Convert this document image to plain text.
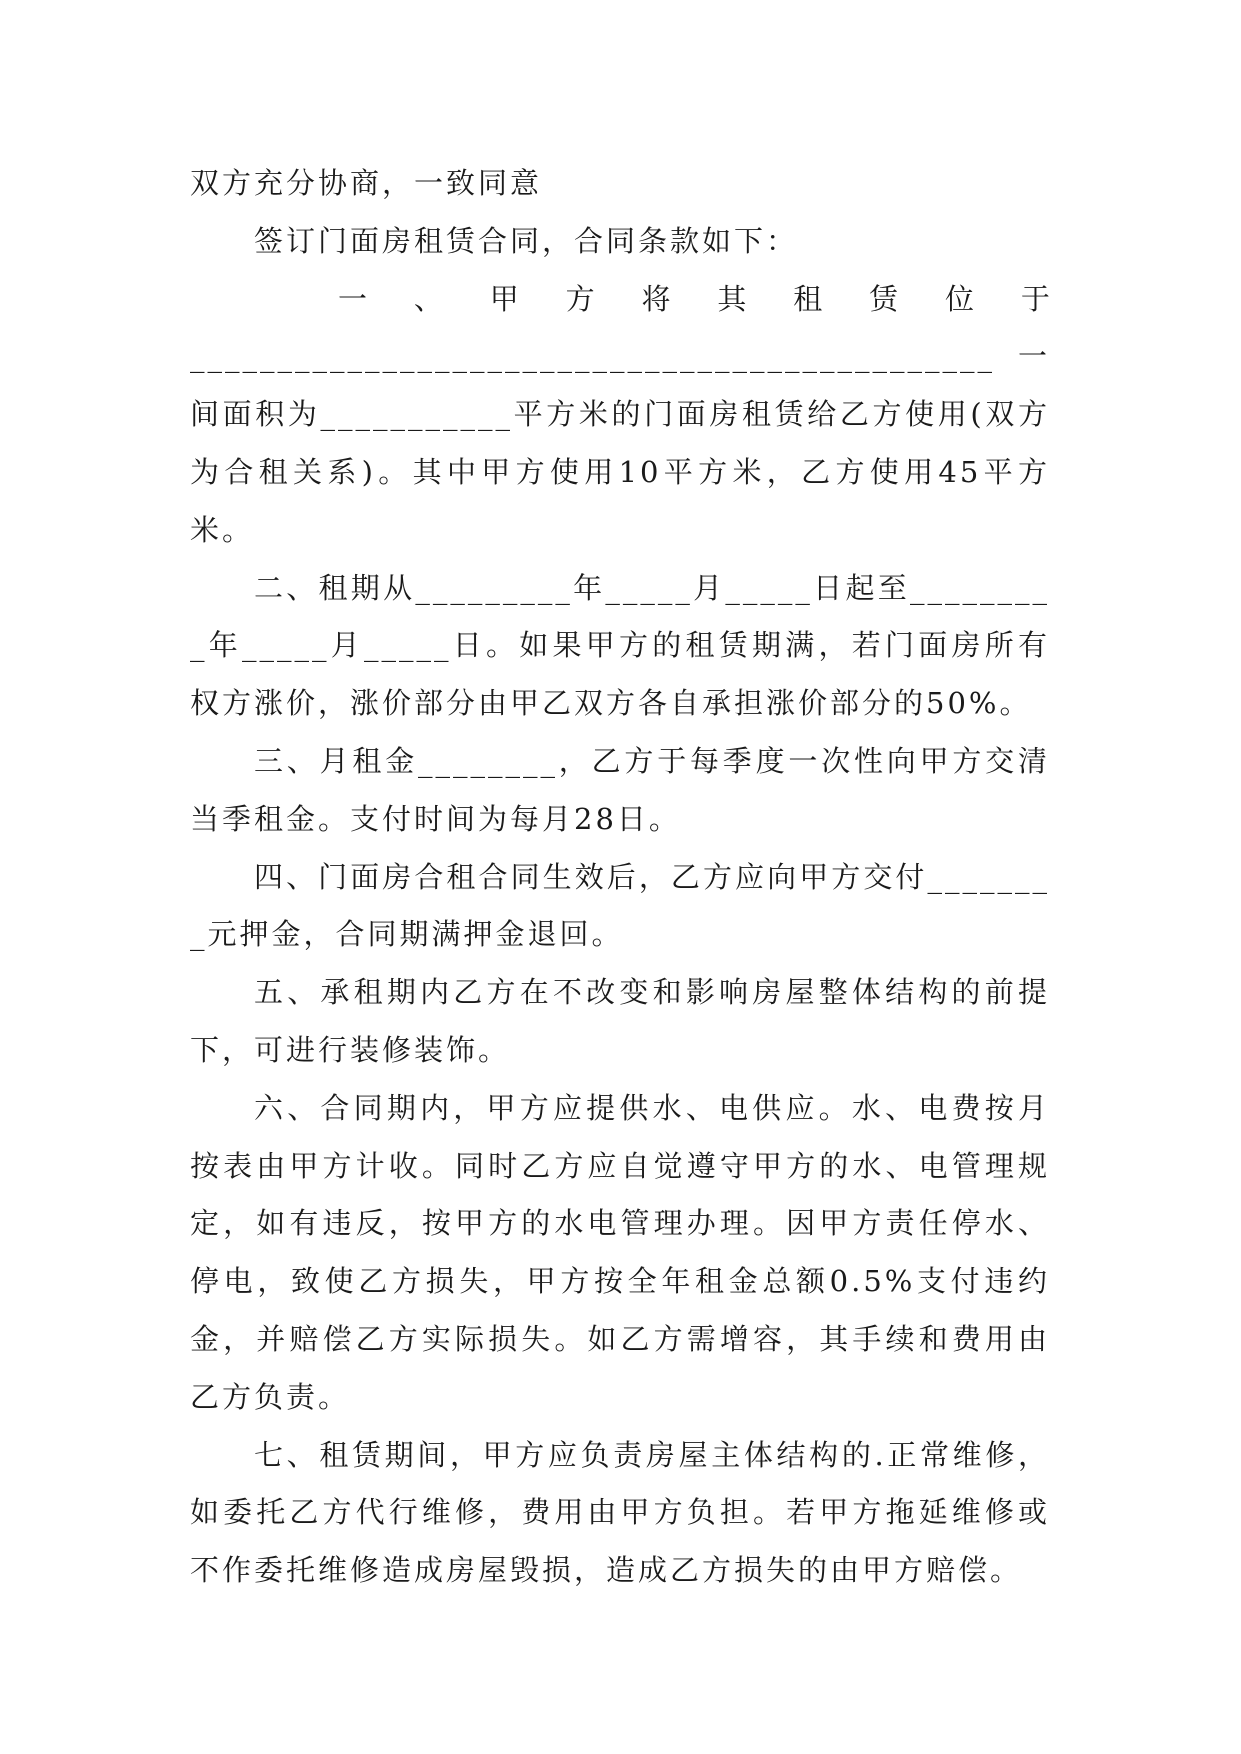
双方充分协商，一致同意

签订门面房租赁合同，合同条款如下：

一 、 甲 方 将 其 租 赁 位 于

______________________________________________一间面积为___________平方米的门面房租赁给乙方使用(双方为合租关系)。其中甲方使用10平方米，乙方使用45平方米。

二、租期从_________年_____月_____日起至_________年_____月_____日。如果甲方的租赁期满，若门面房所有权方涨价，涨价部分由甲乙双方各自承担涨价部分的50%。

三、月租金________，乙方于每季度一次性向甲方交清当季租金。支付时间为每月28日。

四、门面房合租合同生效后，乙方应向甲方交付________元押金，合同期满押金退回。

五、承租期内乙方在不改变和影响房屋整体结构的前提下，可进行装修装饰。

六、合同期内，甲方应提供水、电供应。水、电费按月按表由甲方计收。同时乙方应自觉遵守甲方的水、电管理规定，如有违反，按甲方的水电管理办理。因甲方责任停水、停电，致使乙方损失，甲方按全年租金总额0.5%支付违约金，并赔偿乙方实际损失。如乙方需增容，其手续和费用由乙方负责。

七、租赁期间，甲方应负责房屋主体结构的.正常维修，如委托乙方代行维修，费用由甲方负担。若甲方拖延维修或不作委托维修造成房屋毁损，造成乙方损失的由甲方赔偿。
